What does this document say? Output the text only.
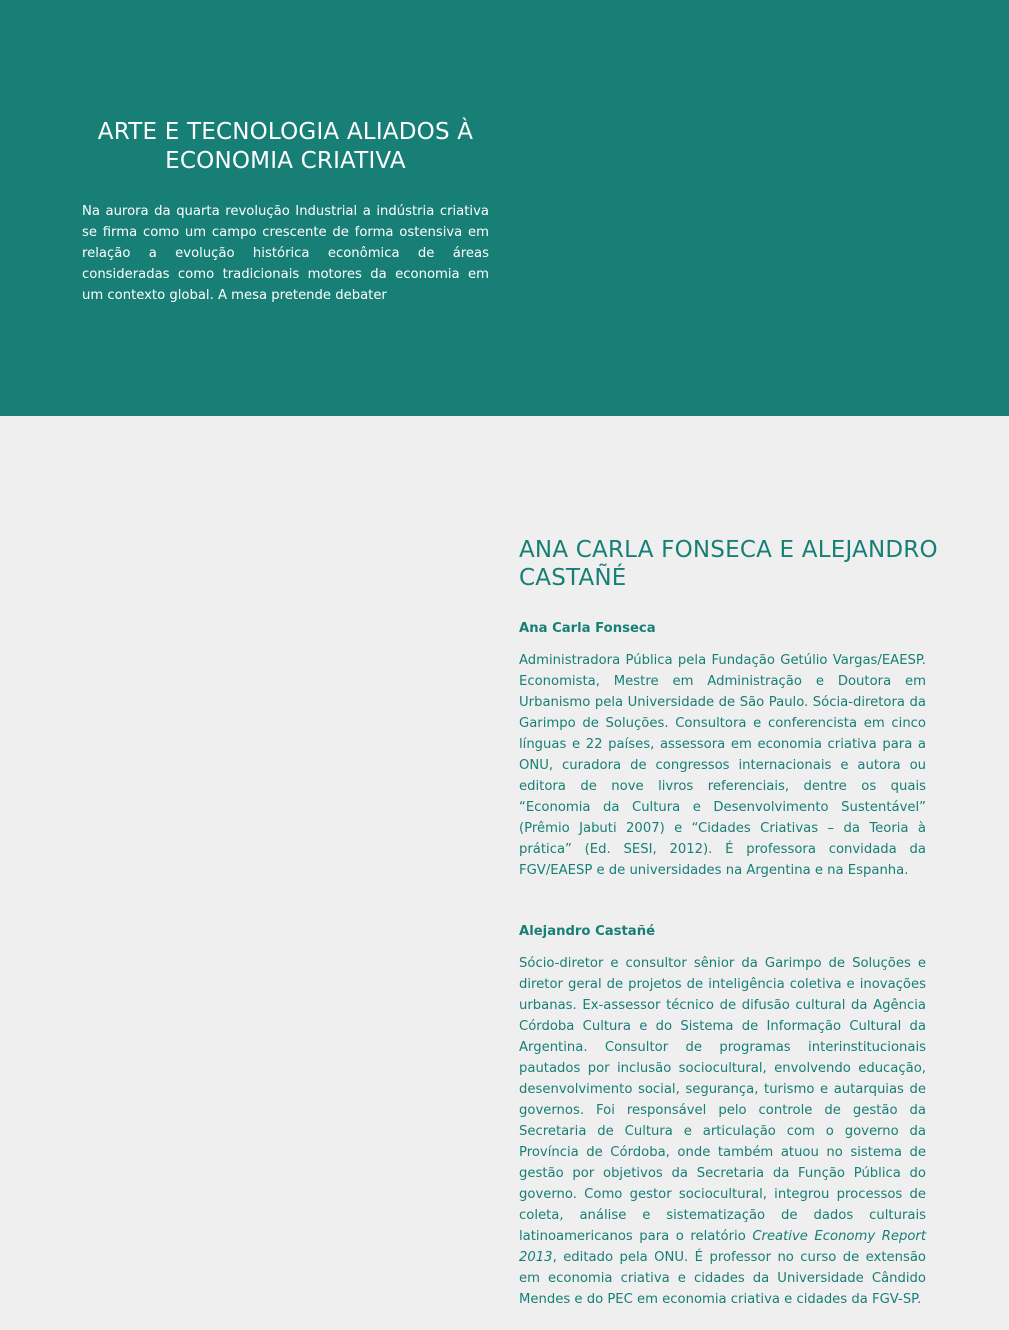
ARTE E TECNOLOGIA ALIADOS À ECONOMIA CRIATIVA

Na aurora da quarta revolução Industrial a indústria criativa se firma como um campo crescente de forma ostensiva em relação a evolução histórica econômica de áreas consideradas como tradicionais motores da economia em um contexto global. A mesa pretende debater

ANA CARLA FONSECA E ALEJANDRO CASTAÑÉ
Ana Carla Fonseca

Administradora Pública pela Fundação Getúlio Vargas/EAESP. Economista, Mestre em Administração e Doutora em Urbanismo pela Universidade de São Paulo. Sócia-diretora da Garimpo de Soluções. Consultora e conferencista em cinco línguas e 22 países, assessora em economia criativa para a ONU, curadora de congressos internacionais e autora ou editora de nove livros referenciais, dentre os quais “Economia da Cultura e Desenvolvimento Sustentável” (Prêmio Jabuti 2007) e “Cidades Criativas – da Teoria à prática” (Ed. SESI, 2012). É professora convidada da FGV/EAESP e de universidades na Argentina e na Espanha.

Alejandro Castañé

Sócio-diretor e consultor sênior da Garimpo de Soluções e diretor geral de projetos de inteligência coletiva e inovações urbanas. Ex-assessor técnico de difusão cultural da Agência Córdoba Cultura e do Sistema de Informação Cultural da Argentina. Consultor de programas interinstitucionais pautados por inclusão sociocultural, envolvendo educação, desenvolvimento social, segurança, turismo e autarquias de governos. Foi responsável pelo controle de gestão da Secretaria de Cultura e articulação com o governo da Província de Córdoba, onde também atuou no sistema de gestão por objetivos da Secretaria da Função Pública do governo. Como gestor sociocultural, integrou processos de coleta, análise e sistematização de dados culturais latinoamericanos para o relatório Creative Economy Report 2013, editado pela ONU. É professor no curso de extensão em economia criativa e cidades da Universidade Cândido Mendes e do PEC em economia criativa e cidades da FGV-SP.
